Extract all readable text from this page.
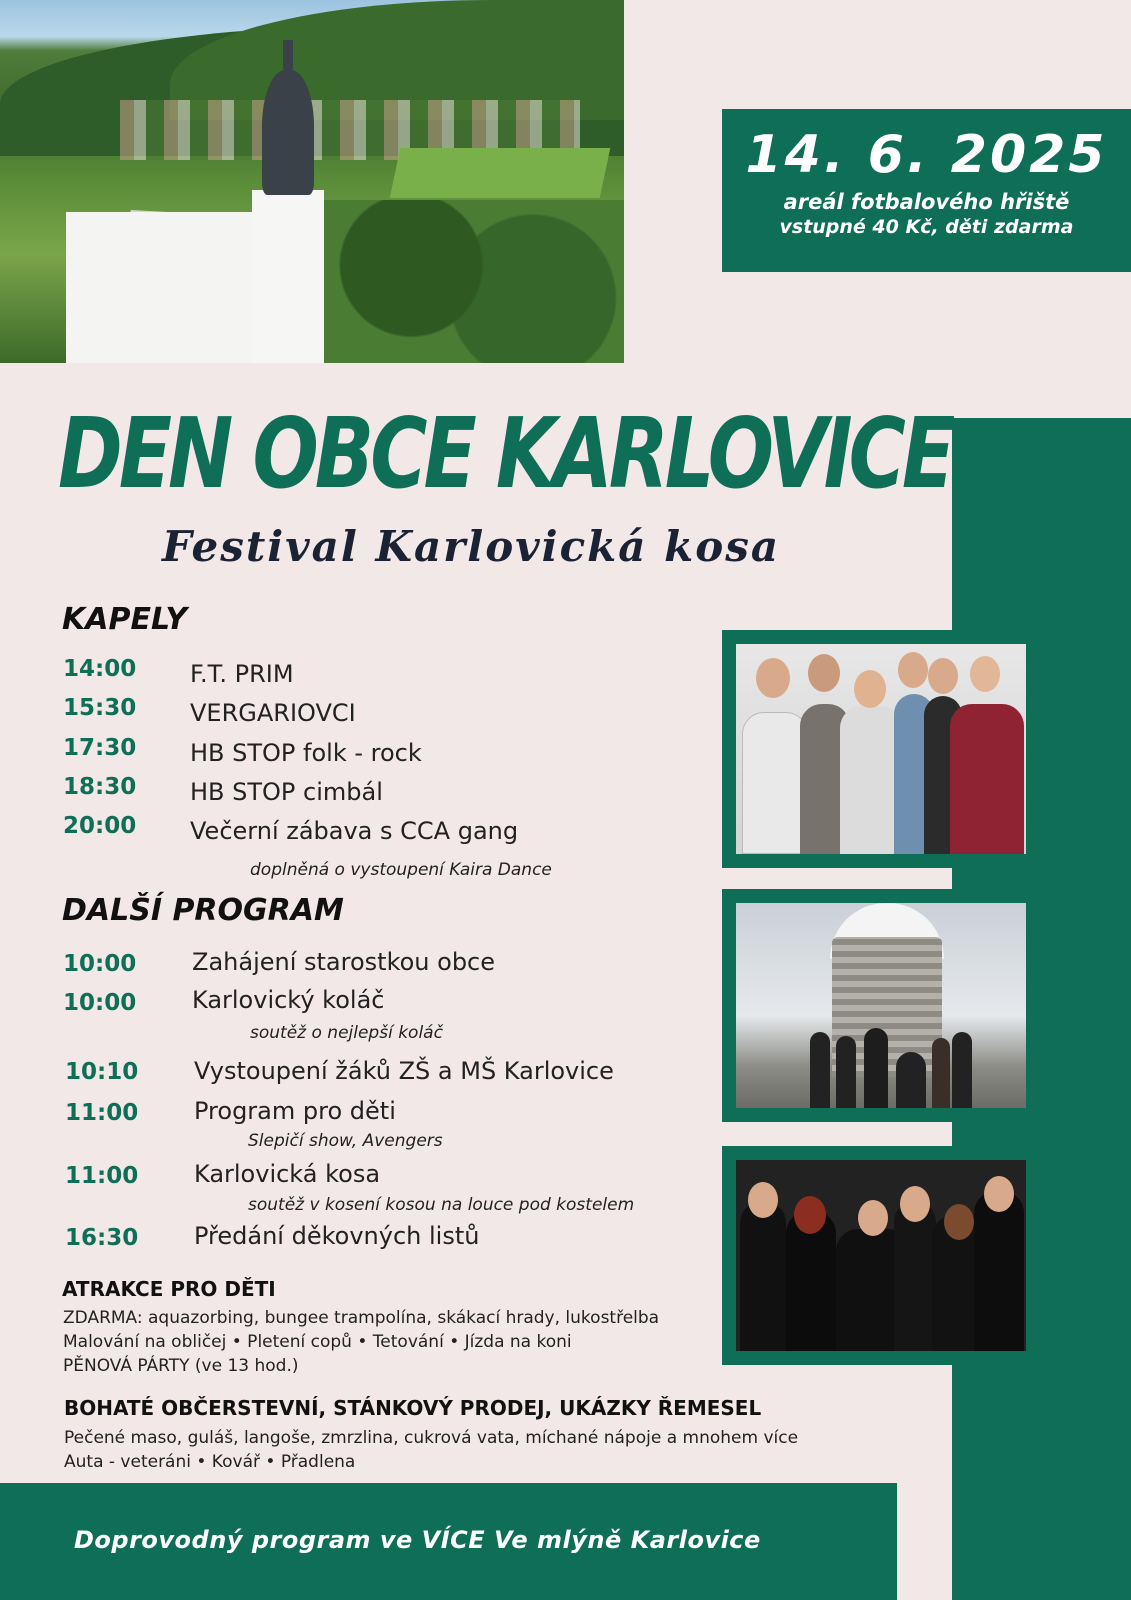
Doprovodný program ve VÍCE Ve mlýně Karlovice
14. 6. 2025
areál fotbalového hřiště
vstupné 40 Kč, děti zdarma
DEN OBCE KARLOVICE
Festival Karlovická kosa
KAPELY
14:00 F.T. PRIM
15:30 VERGARIOVCI
17:30 HB STOP folk - rock
18:30 HB STOP cimbál
20:00 Večerní zábava s CCA gang
doplněná o vystoupení Kaira Dance
DALŠÍ PROGRAM
10:00 Zahájení starostkou obce
10:00 Karlovický koláč
soutěž o nejlepší koláč
10:10 Vystoupení žáků ZŠ a MŠ Karlovice
11:00 Program pro děti
Slepičí show, Avengers
11:00 Karlovická kosa
soutěž v kosení kosou na louce pod kostelem
16:30 Předání děkovných listů
ATRAKCE PRO DĚTI
ZDARMA: aquazorbing, bungee trampolína, skákací hrady, lukostřelba
Malování na obličej • Pletení copů • Tetování • Jízda na koni
PĚNOVÁ PÁRTY (ve 13 hod.)
BOHATÉ OBČERSTEVNÍ, STÁNKOVÝ PRODEJ, UKÁZKY ŘEMESEL
Pečené maso, guláš, langoše, zmrzlina, cukrová vata, míchané nápoje a mnohem více
Auta - veteráni • Kovář • Přadlena
